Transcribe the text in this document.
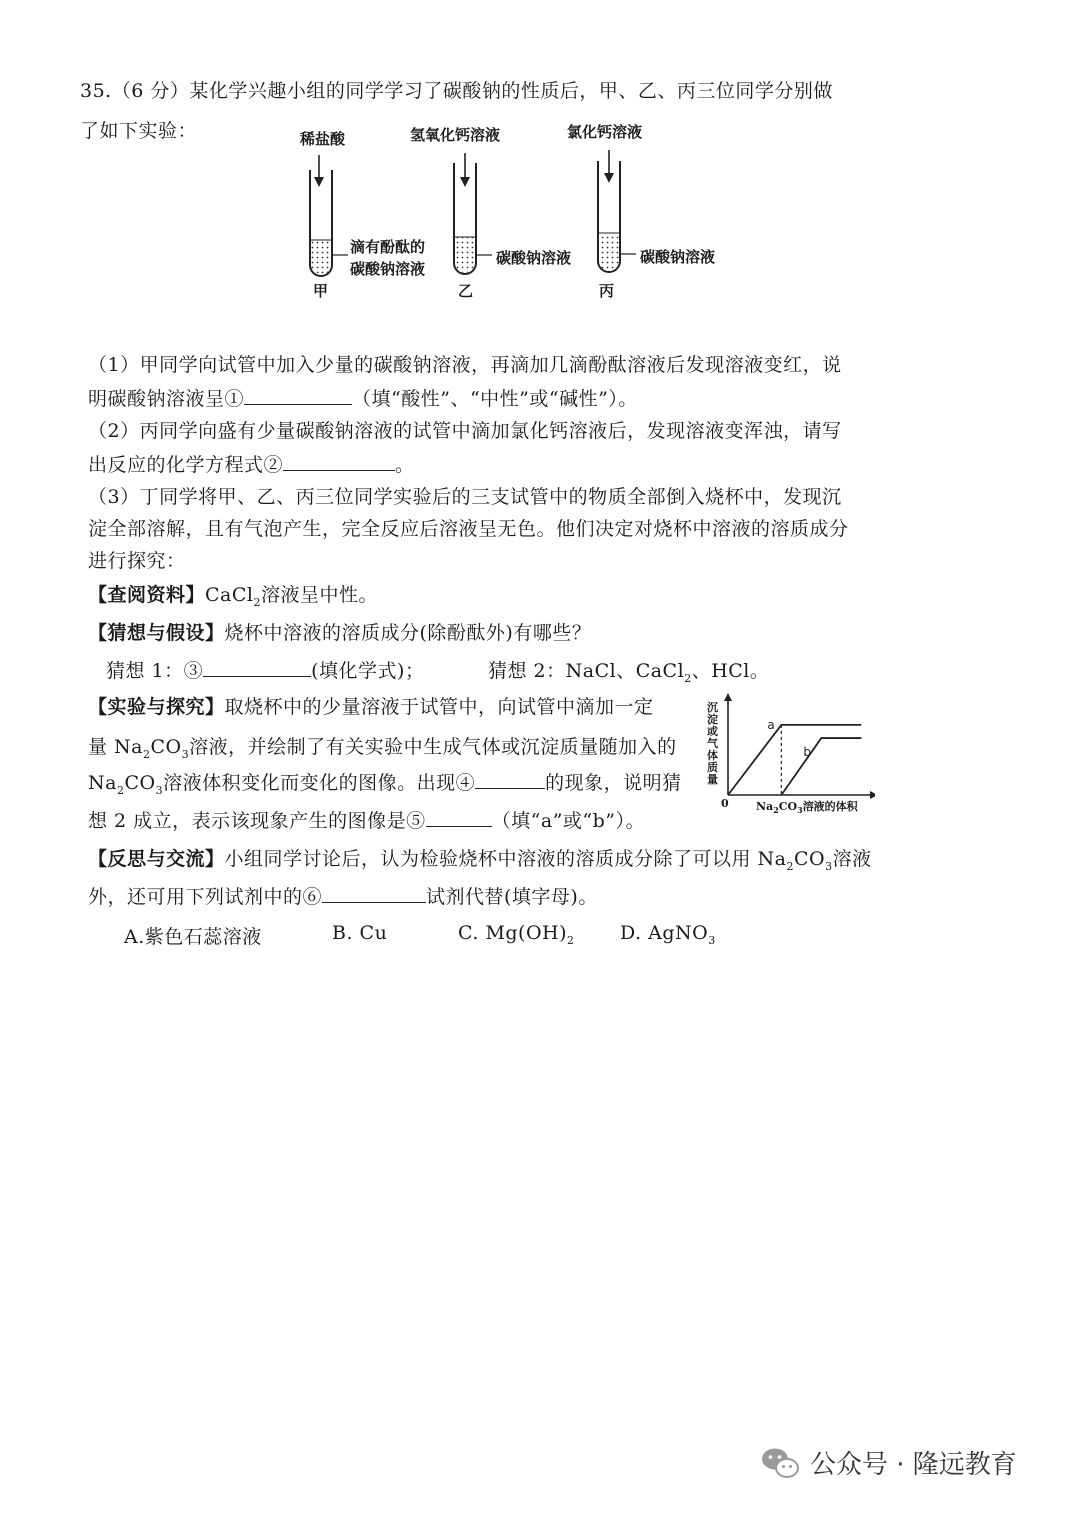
35.（6 分）某化学兴趣小组的同学学习了碳酸钠的性质后，甲、乙、丙三位同学分别做
了如下实验：	稀盐酸
滴有酚酞的
碳酸钠溶液
甲
氢氧化钙溶液
碳酸钠溶液
乙
氯化钙溶液
碳酸钠溶液
丙
（1）甲同学向试管中加入少量的碳酸钠溶液，再滴加几滴酚酞溶液后发现溶液变红，说
明碳酸钠溶液呈①	（填“酸性”、“中性”或“碱性”）。
（2）丙同学向盛有少量碳酸钠溶液的试管中滴加氯化钙溶液后，发现溶液变浑浊，请写
出反应的化学方程式②	。
（3）丁同学将甲、乙、丙三位同学实验后的三支试管中的物质全部倒入烧杯中，发现沉
淀全部溶解，且有气泡产生，完全反应后溶液呈无色。他们决定对烧杯中溶液的溶质成分
进行探究：
【查阅资料】CaCl$_2$溶液呈中性。
【猜想与假设】烧杯中溶液的溶质成分(除酚酞外)有哪些？
猜想 1：③	(填化学式)；	猜想 2：NaCl、CaCl$_2$、HCl。
【实验与探究】取烧杯中的少量溶液于试管中，向试管中滴加一定
量 $Na_2CO_3$溶液，并绘制了有关实验中生成气体或沉淀质量随加入的
$Na_2CO_3$溶液体积变化而变化的图像。出现④	的现象，说明猜
想 2 成立，表示该现象产生的图像是⑤	（填“a”或“b”）。
a
b
沉淀或气体质量
$Na_2CO_3$溶液的体积
0
【反思与交流】小组同学讨论后，认为检验烧杯中溶液的溶质成分除了可以用 $Na_2CO_3$溶液
外，还可用下列试剂中的⑥	试剂代替(填字母)。
A.紫色石蕊溶液	B. Cu	C. $Mg(OH)_2$ D. AgNO$_3$
公众号 · 隆远教育
